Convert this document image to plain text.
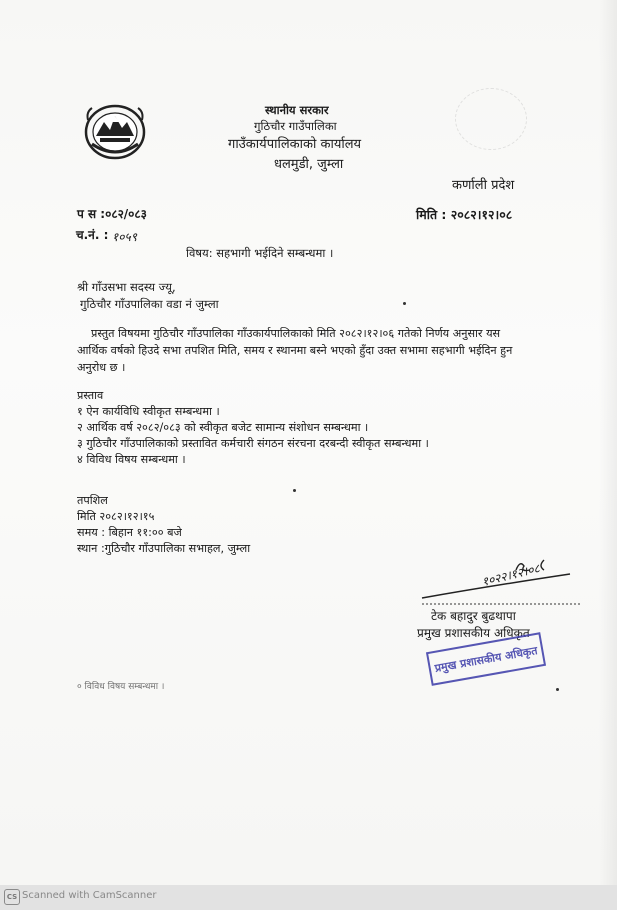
स्थानीय सरकार
गुठिचौर गाउँपालिका
गाउँकार्यपालिकाको कार्यालय
धलमुडी, जुम्ला
कर्णाली प्रदेश
प स :०८२/०८३
च.नं. : १०५९
मिति : २०८२।१२।०८
विषय: सहभागी भईदिने सम्बन्धमा ।
श्री गाँउसभा सदस्य ज्यू,
गुठिचौर गाँउपालिका वडा नं जुम्ला
प्रस्तुत विषयमा गुठिचौर गाँउपालिका गाँउकार्यपालिकाको मिति २०८२।१२।०६ गतेको निर्णय अनुसार यस
आर्थिक वर्षको हिउदे सभा तपशित मिति, समय र स्थानमा बस्ने भएको हुँदा उक्त सभामा सहभागी भईदिन हुन
अनुरोध छ ।
प्रस्ताव
१ ऐन कार्यविधि स्वीकृत सम्बन्धमा ।
२ आर्थिक वर्ष २०८२/०८३ को स्वीकृत बजेट सामान्य संशोधन सम्बन्धमा ।
३ गुठिचौर गाँउपालिकाको प्रस्तावित कर्मचारी संगठन संरचना दरबन्दी स्वीकृत सम्बन्धमा ।
४ विविध विषय सम्बन्धमा ।
तपशिल
मिति २०८२।१२।१५
समय : बिहान ११:०० बजे
स्थान :गुठिचौर गाँउपालिका सभाहल, जुम्ला
१०२२।१२।०८
टेक बहादुर बुढथापा
प्रमुख प्रशासकीय अधिकृत
प्रमुख प्रशासकीय अधिकृत
० विविध विषय सम्बन्धमा ।
CS Scanned with CamScanner
